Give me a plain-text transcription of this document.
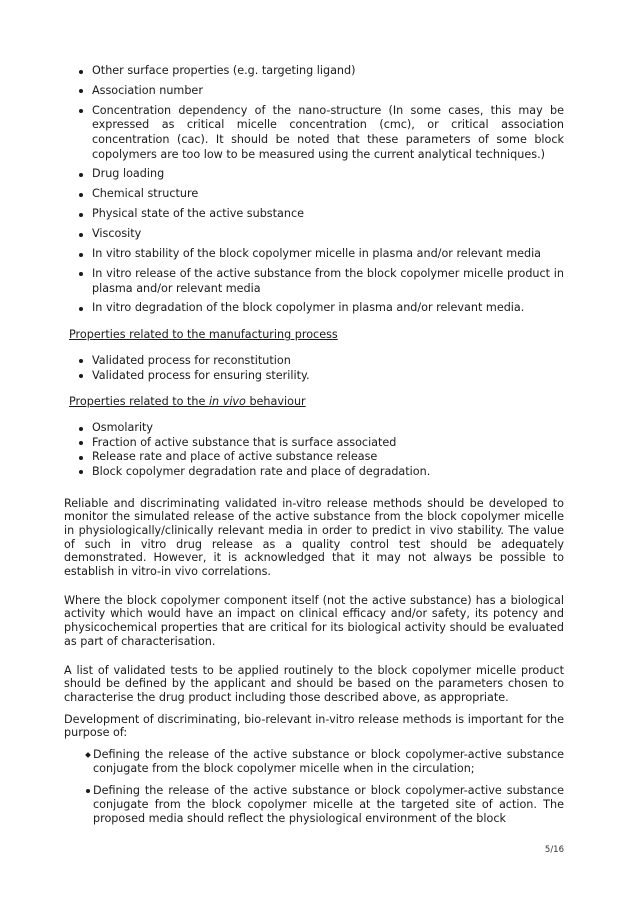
Other surface properties (e.g. targeting ligand)
Association number
Concentration dependency of the nano-structure (In some cases, this may be expressed as critical micelle concentration (cmc), or critical association concentration (cac). It should be noted that these parameters of some block copolymers are too low to be measured using the current analytical techniques.)
Drug loading
Chemical structure
Physical state of the active substance
Viscosity
In vitro stability of the block copolymer micelle in plasma and/or relevant media
In vitro release of the active substance from the block copolymer micelle product in plasma and/or relevant media
In vitro degradation of the block copolymer in plasma and/or relevant media.
Properties related to the manufacturing process
Validated process for reconstitution
Validated process for ensuring sterility.
Properties related to the in vivo behaviour
Osmolarity
Fraction of active substance that is surface associated
Release rate and place of active substance release
Block copolymer degradation rate and place of degradation.

Reliable and discriminating validated in-vitro release methods should be developed to monitor the simulated release of the active substance from the block copolymer micelle in physiologically/clinically relevant media in order to predict in vivo stability. The value of such in vitro drug release as a quality control test should be adequately demonstrated. However, it is acknowledged that it may not always be possible to establish in vitro-in vivo correlations.

Where the block copolymer component itself (not the active substance) has a biological activity which would have an impact on clinical efficacy and/or safety, its potency and physicochemical properties that are critical for its biological activity should be evaluated as part of characterisation.

A list of validated tests to be applied routinely to the block copolymer micelle product should be defined by the applicant and should be based on the parameters chosen to characterise the drug product including those described above, as appropriate.

Development of discriminating, bio-relevant in-vitro release methods is important for the purpose of:

Defining the release of the active substance or block copolymer-active substance conjugate from the block copolymer micelle when in the circulation;
Defining the release of the active substance or block copolymer-active substance conjugate from the block copolymer micelle at the targeted site of action. The proposed media should reflect the physiological environment of the block
5/16
